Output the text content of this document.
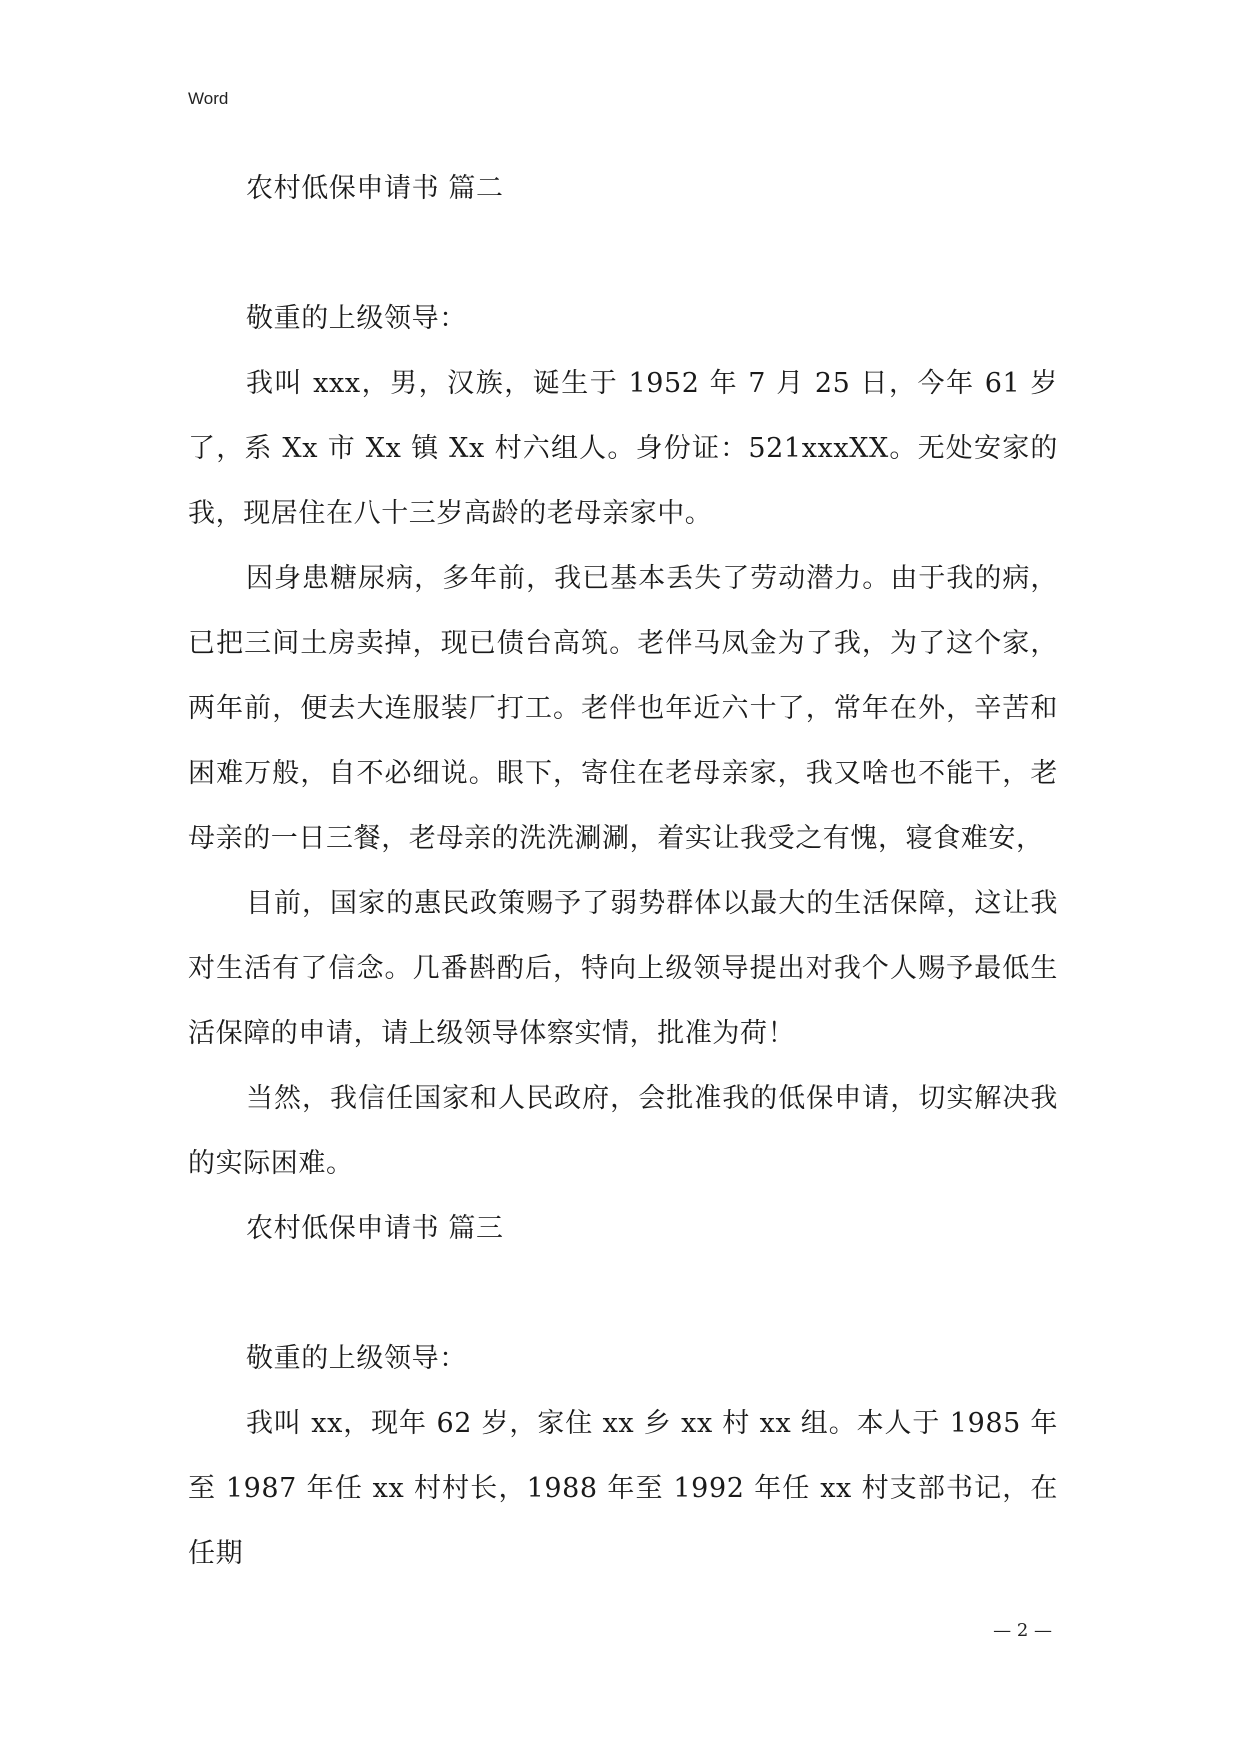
Word

农村低保申请书 篇二

敬重的上级领导：

我叫 xxx，男，汉族，诞生于 1952 年 7 月 25 日，今年 61 岁了，系 Xx 市 Xx 镇 Xx 村六组人。身份证：521xxxXX。无处安家的我，现居住在八十三岁高龄的老母亲家中。

因身患糖尿病，多年前，我已基本丢失了劳动潜力。由于我的病，已把三间土房卖掉，现已债台高筑。老伴马凤金为了我，为了这个家，两年前，便去大连服装厂打工。老伴也年近六十了，常年在外，辛苦和困难万般，自不必细说。眼下，寄住在老母亲家，我又啥也不能干，老母亲的一日三餐，老母亲的洗洗涮涮，着实让我受之有愧，寝食难安，

目前，国家的惠民政策赐予了弱势群体以最大的生活保障，这让我对生活有了信念。几番斟酌后，特向上级领导提出对我个人赐予最低生活保障的申请，请上级领导体察实情，批准为荷！

当然，我信任国家和人民政府，会批准我的低保申请，切实解决我的实际困难。

农村低保申请书 篇三

敬重的上级领导：

我叫 xx，现年 62 岁，家住 xx 乡 xx 村 xx 组。本人于 1985 年至 1987 年任 xx 村村长，1988 年至 1992 年任 xx 村支部书记，在任期

— 2 —
